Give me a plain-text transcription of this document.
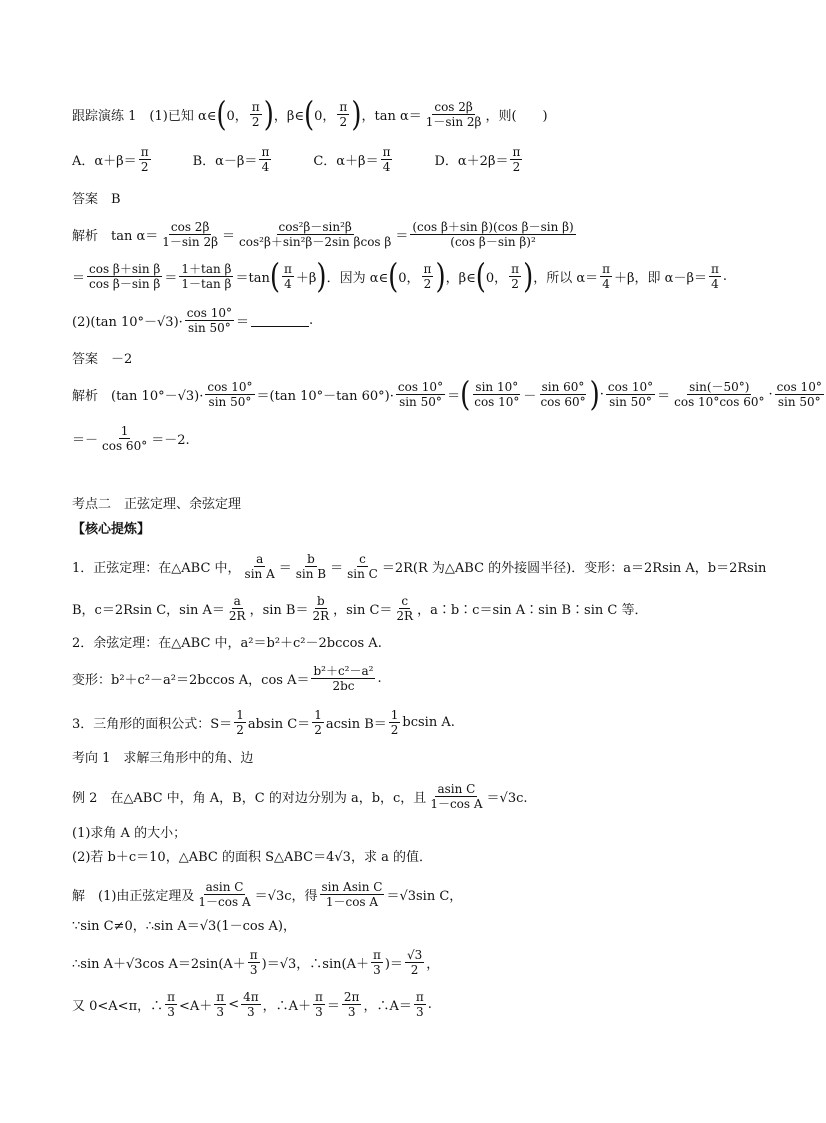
跟踪演练 1　(1)已知 α∈ ( 0， $\frac{\pi}{2}$ ) ，β∈ ( 0， $\frac{\pi}{2}$ ) ，$\tan \alpha= \frac{\cos 2\beta}{1-\sin 2\beta}$ ，则(　　)
A．$\alpha+\beta= \frac{\pi}{2}$	B．$\alpha-\beta= \frac{\pi}{4}$	C．$\alpha+\beta= \frac{\pi}{4}$	D．$\alpha+2\beta= \frac{\pi}{2}$
答案　B
解析　$\tan \alpha= \frac{\cos 2\beta}{1-\sin 2\beta} = \frac{\text{cos²β－sin²β}}{\text{cos²β＋sin²β－2sin βcos β}} = \frac{\text{(cos β＋sin β)(cos β－sin β)}}{\text{(cos β－sin β)²}}$
＝ $\frac{\text{cos β＋sin β}}{\text{cos β－sin β}} = \frac{\text{1＋tan β}}{\text{1－tan β}} =\tan$ ( $\frac{\pi}{4} +\beta$ ) ．因为 α∈ ( 0， $\frac{\pi}{2}$ ) ，β∈ ( 0， $\frac{\pi}{2}$ ) ，所以 $\alpha= \frac{\pi}{4} +\beta$，即 $\alpha-\beta= \frac{\pi}{4}$ .
(2)(tan $10^\circ-√3)\cdot \frac{\cos 10^\circ}{\sin 50^\circ}$ ＝	.
答案　－2
解析　(tan $10^\circ-√3)\cdot \frac{\cos 10^\circ}{\sin 50^\circ} =(\tan$ 10°－tan $60^\circ)\cdot \frac{\cos 10^\circ}{\sin 50^\circ}$ ＝ ( $\frac{\sin 10^\circ}{\cos 10^\circ} - \frac{\sin 60^\circ}{\cos 60^\circ}$ ) · $\frac{\cos 10^\circ}{\sin 50^\circ} = \frac{\sin(-50^\circ)}{\cos 10^\circ\cos 60^\circ} \cdot \frac{\cos 10^\circ}{\sin 50^\circ}$
＝－ $\frac{1}{\cos 60^\circ} =-2$.
考点二　正弦定理、余弦定理
【核心提炼】
1．正弦定理：在△ABC 中， $\frac{a}{\text{sin A}} = \frac{b}{\text{sin B}} = \frac{c}{\text{sin C}} =2R(R$ 为△ABC 的外接圆半径)．变形：a＝2Rsin A，b＝2Rsin
B，c＝2Rsin C，$\sin A= \frac{a}{2R}$ ，$\sin B= \frac{b}{2R}$ ，$\sin C= \frac{c}{2R}$ ，a∶b∶c＝sin A∶sin B∶sin C 等．
2．余弦定理：在△ABC 中，a²＝b²＋c²－2bccos A.
变形：b²＋c²－a²＝2bccos A，$\cos A= \frac{\text{b²＋c²－a²}}{2bc}$ .
3．三角形的面积公式：$S= \frac{1}{2}$ absin $C= \frac{1}{2}$ acsin $B= \frac{1}{2}$ bcsin A.
考向 1　求解三角形中的角、边
例 2　在△ABC 中，角 A，B，C 的对边分别为 a，b，c，且 $\frac{\text{asin C}}{\text{1－cos A}} =√3c$.
(1)求角 A 的大小；
(2)若 b＋c＝10，△ABC 的面积 S△ABC＝4√3，求 a 的值．
解　(1)由正弦定理及 $\frac{\text{asin C}}{\text{1－cos A}} =√3c$，得 $\frac{\text{sin Asin C}}{\text{1－cos A}} =√3\sin$ C，
∵sin C≠0，∴sin A＝√3(1－cos A)，
∴sin A＋√3cos $A=2\sin(A+ \frac{\pi}{3} )=√3$，∴sin(A＋ $\frac{\pi}{3}$ )＝ $\frac{√3}{2}$ ，
又 0<A<π，∴ $\frac{\pi}{3} <A+ \frac{\pi}{3} < \frac{4\pi}{3}$ ，∴A＋ $\frac{\pi}{3} = \frac{2\pi}{3}$ ，∴A＝ $\frac{\pi}{3}$ .
